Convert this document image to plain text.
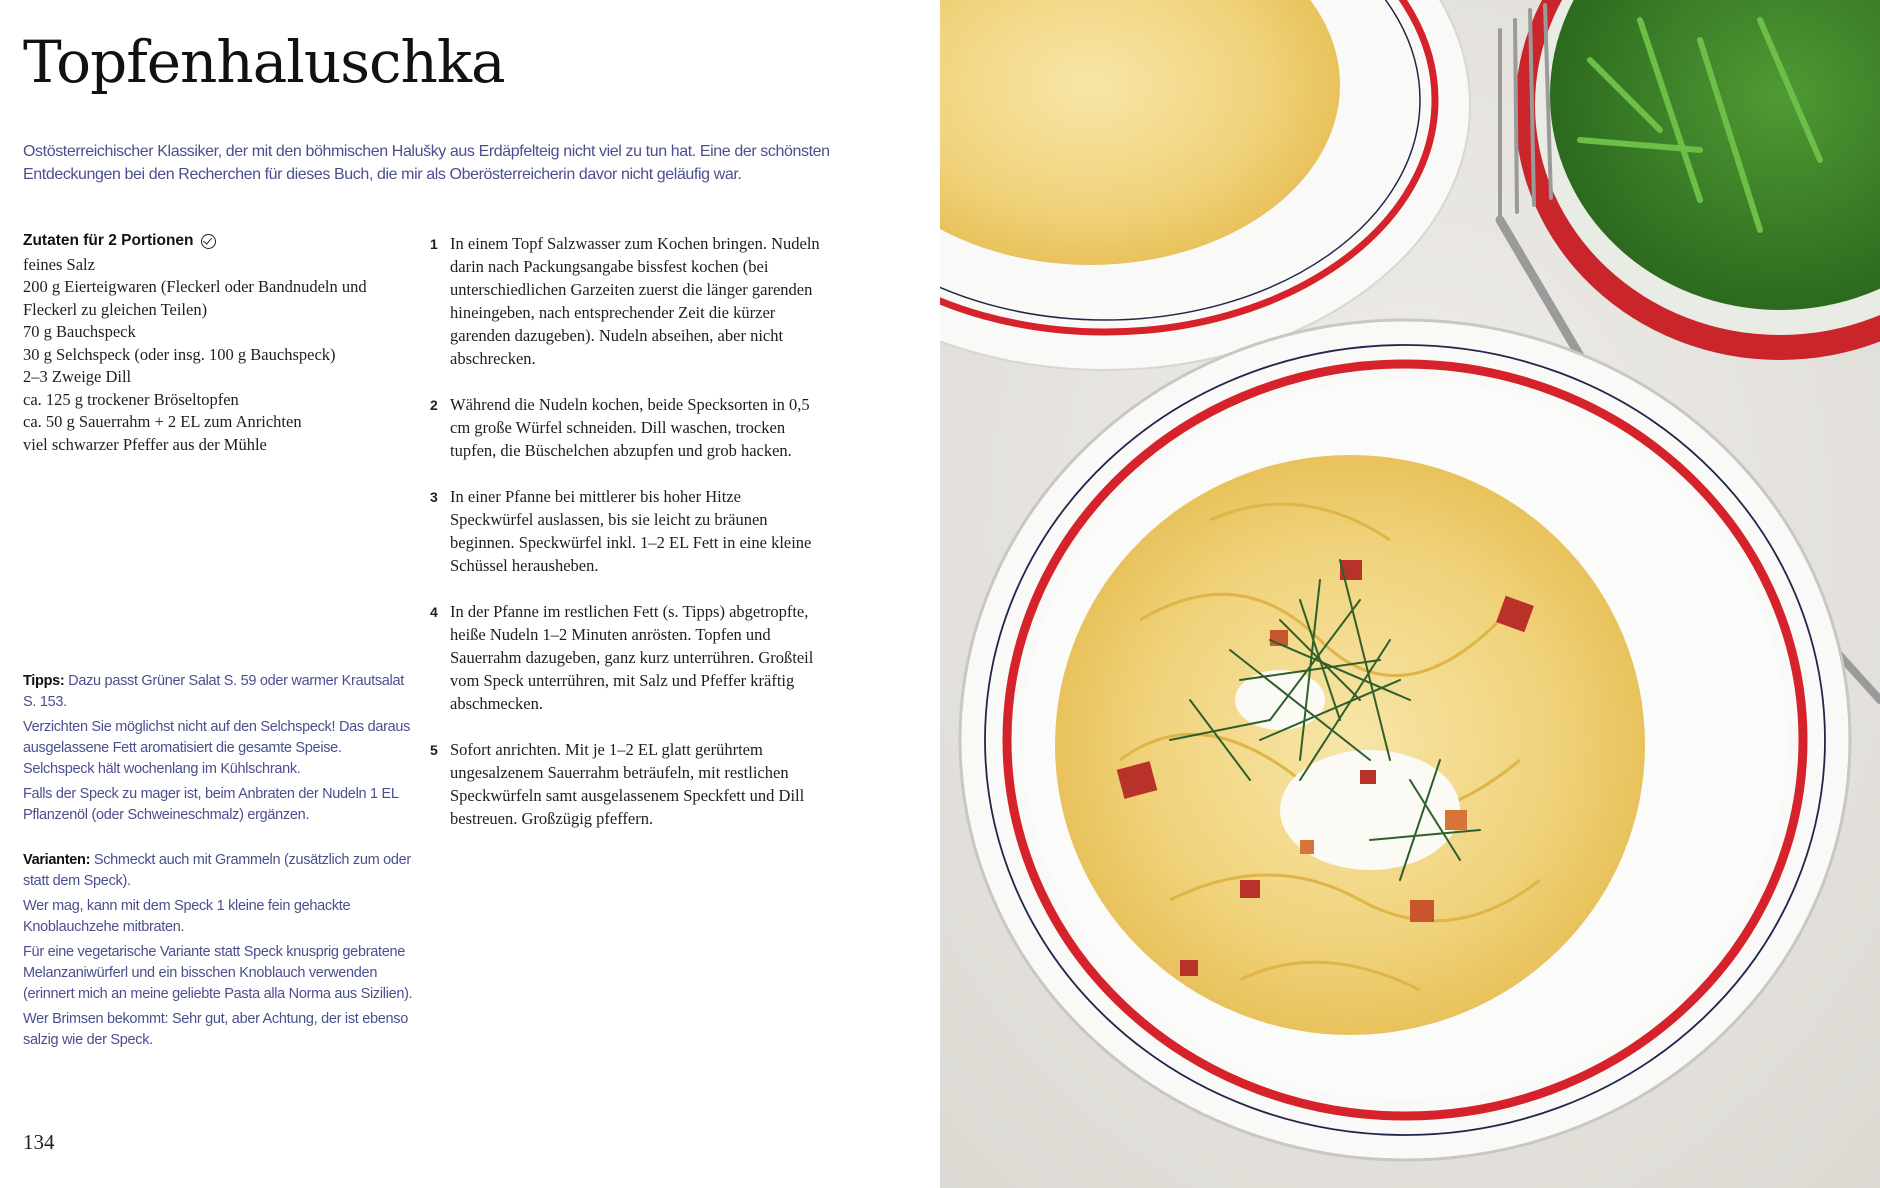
Topfenhaluschka
Ostösterreichischer Klassiker, der mit den böhmischen Halušky aus Erdäpfelteig nicht viel zu tun hat. Eine der schönsten Entdeckungen bei den Recherchen für dieses Buch, die mir als Oberösterreicherin davor nicht geläufig war.
Zutaten für 2 Portionen
feines Salz
200 g Eierteigwaren (Fleckerl oder Bandnudeln und Fleckerl zu gleichen Teilen)
70 g Bauchspeck
30 g Selchspeck (oder insg. 100 g Bauchspeck)
2–3 Zweige Dill
ca. 125 g trockener Bröseltopfen
ca. 50 g Sauerrahm + 2 EL zum Anrichten
viel schwarzer Pfeffer aus der Mühle
1 In einem Topf Salzwasser zum Kochen bringen. Nudeln darin nach Packungsangabe bissfest kochen (bei unterschiedlichen Garzeiten zuerst die länger garenden hineingeben, nach entsprechender Zeit die kürzer garenden dazugeben). Nudeln abseihen, aber nicht abschrecken.
2 Während die Nudeln kochen, beide Specksorten in 0,5 cm große Würfel schneiden. Dill waschen, trocken tupfen, die Büschelchen abzupfen und grob hacken.
3 In einer Pfanne bei mittlerer bis hoher Hitze Speckwürfel auslassen, bis sie leicht zu bräunen beginnen. Speckwürfel inkl. 1–2 EL Fett in eine kleine Schüssel herausheben.
4 In der Pfanne im restlichen Fett (s. Tipps) abgetropfte, heiße Nudeln 1–2 Minuten anrösten. Topfen und Sauerrahm dazugeben, ganz kurz unterrühren. Großteil vom Speck unterrühren, mit Salz und Pfeffer kräftig abschmecken.
5 Sofort anrichten. Mit je 1–2 EL glatt gerührtem ungesalzenem Sauerrahm beträufeln, mit restlichen Speckwürfeln samt ausgelassenem Speckfett und Dill bestreuen. Großzügig pfeffern.

Tipps: Dazu passt Grüner Salat S. 59 oder warmer Krautsalat S. 153.

Verzichten Sie möglichst nicht auf den Selchspeck! Das daraus ausgelassene Fett aromatisiert die gesamte Speise. Selchspeck hält wochenlang im Kühlschrank.

Falls der Speck zu mager ist, beim Anbraten der Nudeln 1 EL Pflanzenöl (oder Schweineschmalz) ergänzen.

Varianten: Schmeckt auch mit Grammeln (zusätzlich zum oder statt dem Speck).

Wer mag, kann mit dem Speck 1 kleine fein gehackte Knoblauchzehe mitbraten.

Für eine vegetarische Variante statt Speck knusprig gebratene Melanzaniwürferl und ein bisschen Knoblauch verwenden (erinnert mich an meine geliebte Pasta alla Norma aus Sizilien).

Wer Brimsen bekommt: Sehr gut, aber Achtung, der ist ebenso salzig wie der Speck.

134
